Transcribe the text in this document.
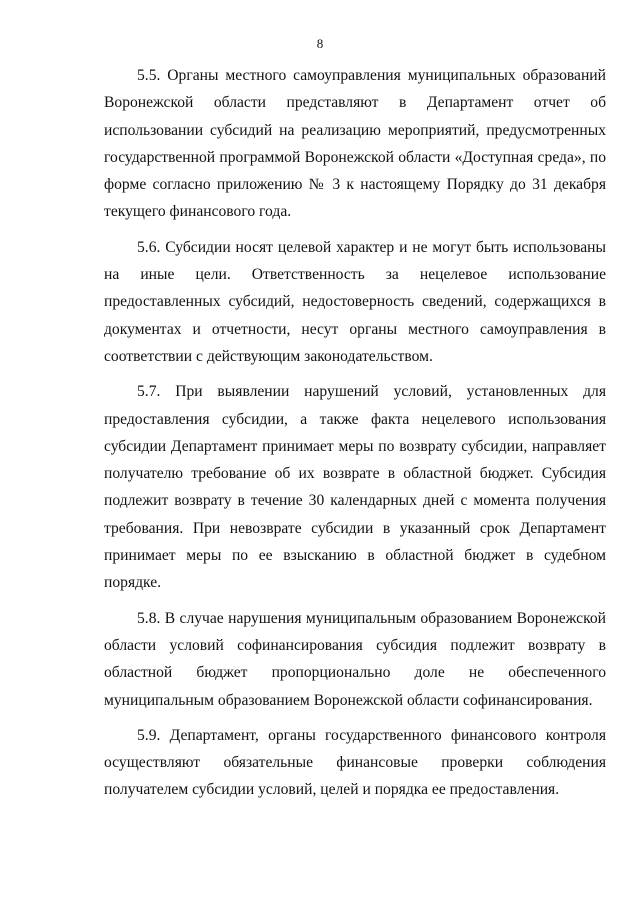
8

5.5. Органы местного самоуправления муниципальных образований Воронежской области представляют в Департамент отчет об использовании субсидий на реализацию мероприятий, предусмотренных государственной программой Воронежской области «Доступная среда», по форме согласно приложению № 3 к настоящему Порядку до 31 декабря текущего финансового года.

5.6. Субсидии носят целевой характер и не могут быть использованы на иные цели. Ответственность за нецелевое использование предоставленных субсидий, недостоверность сведений, содержащихся в документах и отчетности, несут органы местного самоуправления в соответствии с действующим законодательством.

5.7. При выявлении нарушений условий, установленных для предоставления субсидии, а также факта нецелевого использования субсидии Департамент принимает меры по возврату субсидии, направляет получателю требование об их возврате в областной бюджет. Субсидия подлежит возврату в течение 30 календарных дней с момента получения требования. При невозврате субсидии в указанный срок Департамент принимает меры по ее взысканию в областной бюджет в судебном порядке.

5.8. В случае нарушения муниципальным образованием Воронежской области условий софинансирования субсидия подлежит возврату в областной бюджет пропорционально доле не обеспеченного муниципальным образованием Воронежской области софинансирования.

5.9. Департамент, органы государственного финансового контроля осуществляют обязательные финансовые проверки соблюдения получателем субсидии условий, целей и порядка ее предоставления.
